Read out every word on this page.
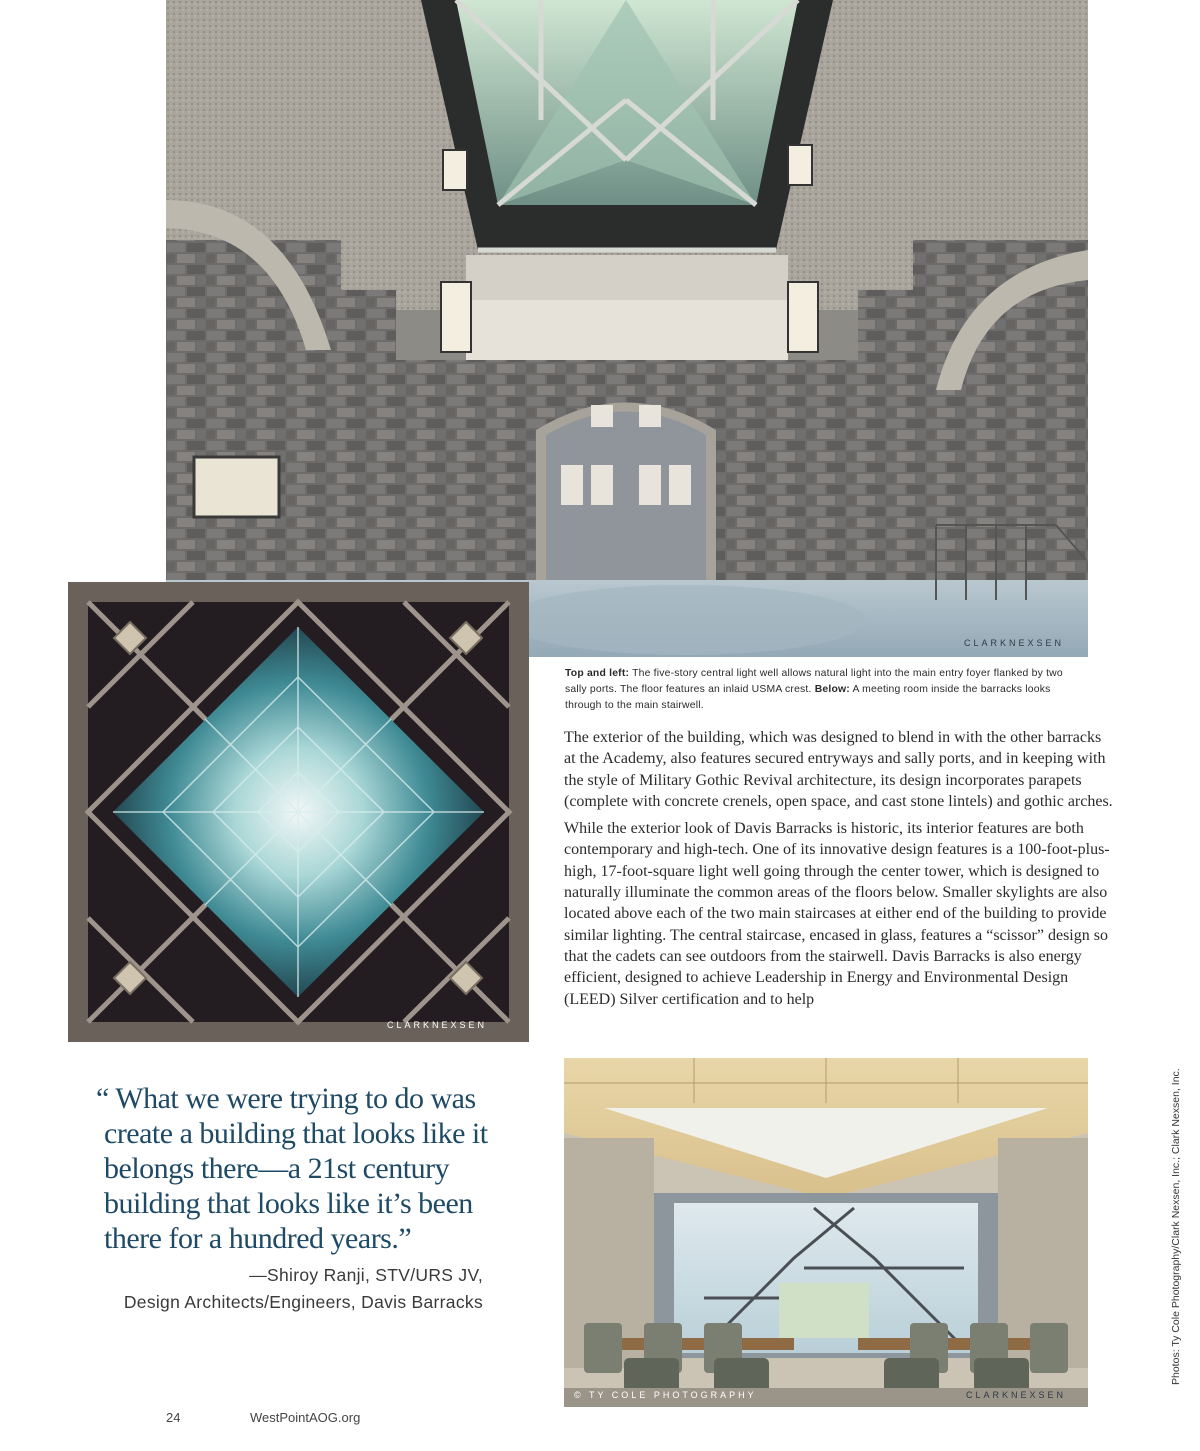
CLARKNEXSEN
CLARKNEXSEN
Top and left: The five-story central light well allows natural light into the main entry foyer flanked by two sally ports. The floor features an inlaid USMA crest. Below: A meeting room inside the barracks looks through to the main stairwell.

The exterior of the building, which was designed to blend in with the other barracks at the Academy, also features secured entryways and sally ports, and in keeping with the style of Military Gothic Revival architecture, its design incorporates parapets (complete with concrete crenels, open space, and cast stone lintels) and gothic arches.

While the exterior look of Davis Barracks is historic, its interior features are both contemporary and high-tech. One of its innovative design features is a 100-foot-plus-high, 17-foot-square light well going through the center tower, which is designed to naturally illuminate the common areas of the floors below. Smaller skylights are also located above each of the two main staircases at either end of the building to provide similar lighting. The central staircase, encased in glass, features a “scissor” design so that the cadets can see outdoors from the stairwell. Davis Barracks is also energy efficient, designed to achieve Leadership in Energy and Environmental Design (LEED) Silver certification and to help

“ What we were trying to do was
create a building that looks like it
belongs there—a 21st century
building that looks like it’s been
there for a hundred years.”
—Shiroy Ranji, STV/URS JV,
Design Architects/Engineers, Davis Barracks
© TY COLE PHOTOGRAPHY	CLARKNEXSEN
Photos: Ty Cole Photography/Clark Nexsen, Inc.; Clark Nexsen, Inc.
24	WestPointAOG.org
